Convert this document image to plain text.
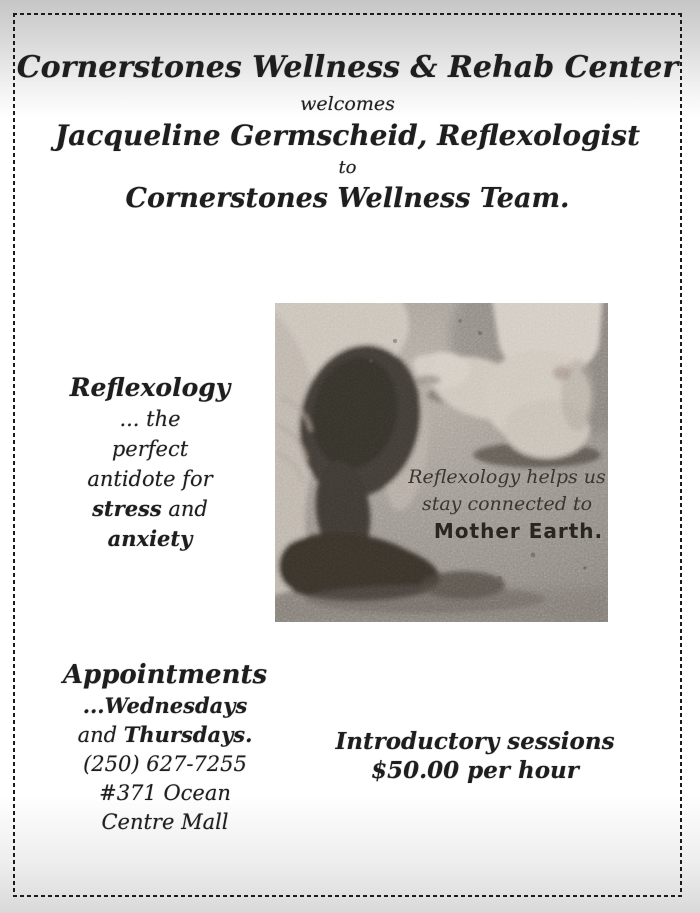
Cornerstones Wellness & Rehab Center
welcomes
Jacqueline Germscheid, Reflexologist
to
Cornerstones Wellness Team.
Reflexology
... the
perfect
antidote for
stress and
anxiety
Reflexology helps us
stay connected to
Mother Earth.
Appointments
...Wednesdays
and Thursdays.
(250) 627-7255
#371 Ocean
Centre Mall
Introductory sessions
$50.00 per hour
